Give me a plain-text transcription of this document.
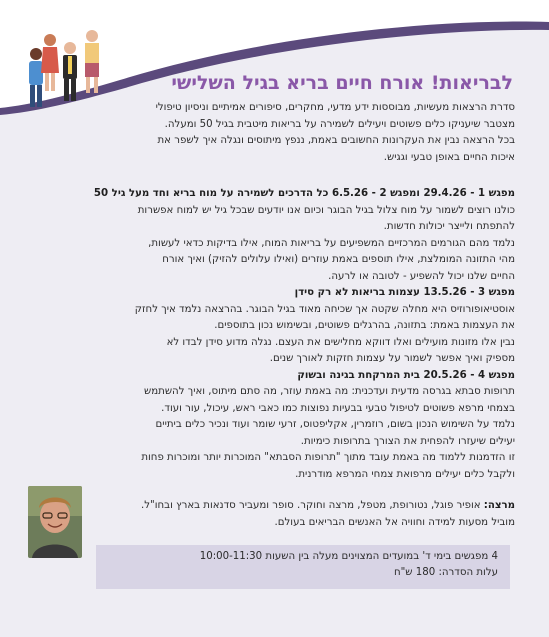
לבריאות! אורח חיים בריא בגיל השלישי
סדרת הרצאות מעשיות, מבוססות ידע מדעי, מחקרים, סיפורים אמיתיים וניסיון טיפולי
מצטבר שיעניקו כלים פשוטים ויעילים לשמירה על בריאות מיטבית בגיל 50 ומעלה.
בכל הרצאה נבין את העקרונות החשובים באמת, ננפץ מיתוסים ונגלה איך לשפר את
איכות החיים באופן טבעי וגגיש.
מפגש 1 - 29.4.26 ומפגש 2 - 6.5.26 כל הדרכים לשמירה על מוח בריא וחד מעל גיל 50
כולנו רוצים לשמור על מוח צלול בגיל הבוגר וכיום אנו יודעים שבכל גיל יש למוח אפשרות
להתפתח ולייצר יכולות חדשות.
נלמד מהם הגורמים המרכזיים המשפיעים על בריאות המוח, אילו בדיקות כדאי לעשות,
מהי התזונה המומלצת, אילו תוספים באמת עוזרים (ואילו עלולים להזיק) ואיך אורח
החיים שלנו יכול להשפיע - לטובה או לרעה.
מפגש 3 - 13.5.26 עצמות בריאות לא רק סידן
אוסטיאופורוזיס היא מחלה שקטה אך שכיחה מאוד בגיל הבוגר. בהרצאה נלמד איך לחזק
את העצמות באמת: בתזונה, בהרגלים פשוטים, ובשימוש נכון בתוספים.
נבין אלו מזונות מועילים ואלו דווקא מחלישים את העצם. נגלה מדוע סידן לבדו לא
מספיק ואיך אפשר לשמור על עצמות חזקות לאורך שנים.
מפגש 4 - 20.5.26 בית המרקחת בגינה ובשוק
תרופות סבתא בגרסה מדעית ועדכנית: מה באמת עוזר, מה סתם מיתוס, ואיך להשתמש
בצמחי מרפא פשוטים לטיפול טבעי בבעיות נפוצות כמו כאבי ראש, עיכול, עור ועוד.
נלמד על השימוש הנכון בשום, רוזמרין, אקליפטוס, זרעי שומר ועוד ונכיר כלים ביתיים
יעילים שיעזרו להפחית את הצורך בתרופות כימיות.
זו הזדמנות ללמוד מה באמת עובד מתוך "תרופות הסבתא" המוכרות יותר ומוכרות פחות
ולקבל כלים יעילים מרפואת צמחי המרפא מודרנית.
מרצה: אופיר פוגל, נטורופת, מטפל, מרצה וחוקר. סופר ומעביר סדנאות בארץ ובחו"ל.
מוביל מסעות למידה וחוויה אל האנשים הבריאים בעולם.
4 מפגשים בימי ד' במועדים המצוינים מעלה בין השעות 10:00-11:30
עלות הסדרה: 180 ש"ח
